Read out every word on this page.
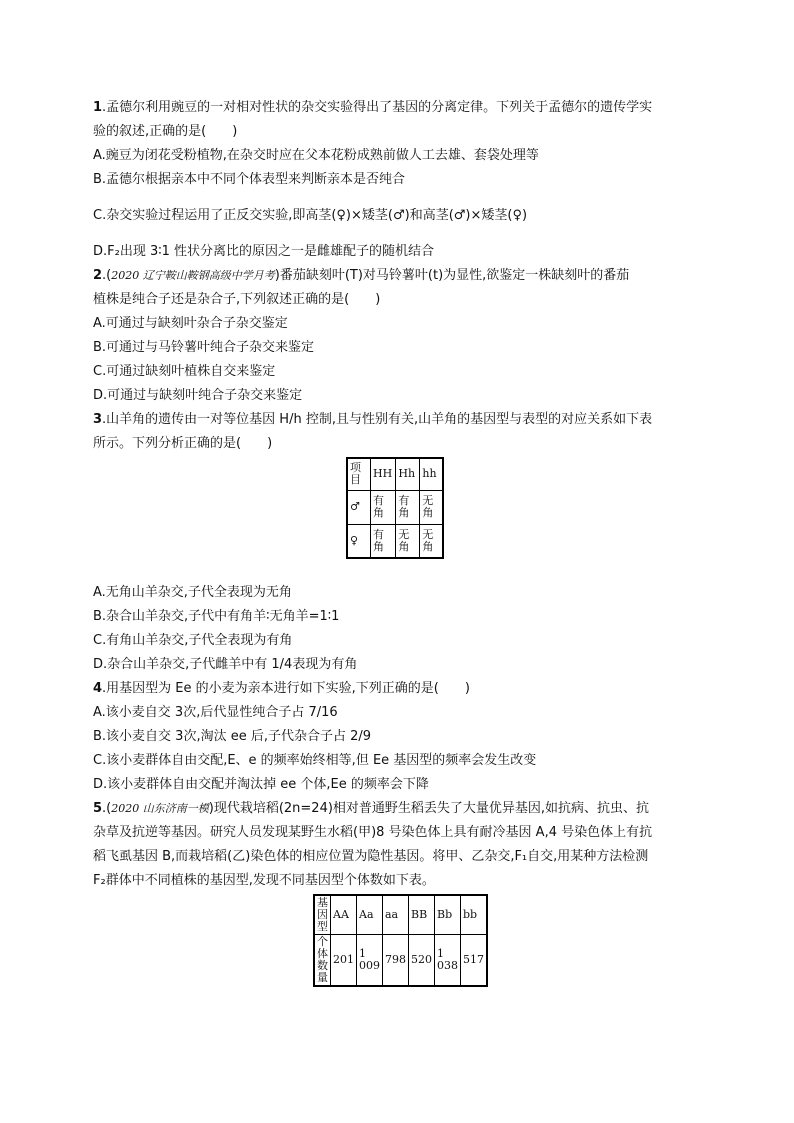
1.孟德尔利用豌豆的一对相对性状的杂交实验得出了基因的分离定律。下列关于孟德尔的遗传学实
验的叙述,正确的是(　　)
A.豌豆为闭花受粉植物,在杂交时应在父本花粉成熟前做人工去雄、套袋处理等
B.孟德尔根据亲本中不同个体表型来判断亲本是否纯合
C.杂交实验过程运用了正反交实验,即高茎(♀)×矮茎(♂)和高茎(♂)×矮茎(♀)
D.F₂出现 3∶1 性状分离比的原因之一是雌雄配子的随机结合
2.(2020 辽宁鞍山鞍钢高级中学月考)番茄缺刻叶(T)对马铃薯叶(t)为显性,欲鉴定一株缺刻叶的番茄
植株是纯合子还是杂合子,下列叙述正确的是(　　)
A.可通过与缺刻叶杂合子杂交鉴定
B.可通过与马铃薯叶纯合子杂交来鉴定
C.可通过缺刻叶植株自交来鉴定
D.可通过与缺刻叶纯合子杂交来鉴定
3.山羊角的遗传由一对等位基因 H/h 控制,且与性别有关,山羊角的基因型与表型的对应关系如下表
所示。下列分析正确的是(　　)
项目	HH	Hh	hh
♂	有角	有角	无角
♀	有角	无角	无角
A.无角山羊杂交,子代全表现为无角
B.杂合山羊杂交,子代中有角羊∶无角羊=1∶1
C.有角山羊杂交,子代全表现为有角
D.杂合山羊杂交,子代雌羊中有 1/4表现为有角
4.用基因型为 Ee 的小麦为亲本进行如下实验,下列正确的是(　　)
A.该小麦自交 3次,后代显性纯合子占 7/16
B.该小麦自交 3次,淘汰 ee 后,子代杂合子占 2/9
C.该小麦群体自由交配,E、e 的频率始终相等,但 Ee 基因型的频率会发生改变
D.该小麦群体自由交配并淘汰掉 ee 个体,Ee 的频率会下降
5.(2020 山东济南一模)现代栽培稻(2n=24)相对普通野生稻丢失了大量优异基因,如抗病、抗虫、抗
杂草及抗逆等基因。研究人员发现某野生水稻(甲)8 号染色体上具有耐冷基因 A,4 号染色体上有抗
稻飞虱基因 B,而栽培稻(乙)染色体的相应位置为隐性基因。将甲、乙杂交,F₁自交,用某种方法检测
F₂群体中不同植株的基因型,发现不同基因型个体数如下表。
基因型	AA	Aa	aa	BB	Bb	bb
个体数量	201	1 009	798	520	1 038	517
